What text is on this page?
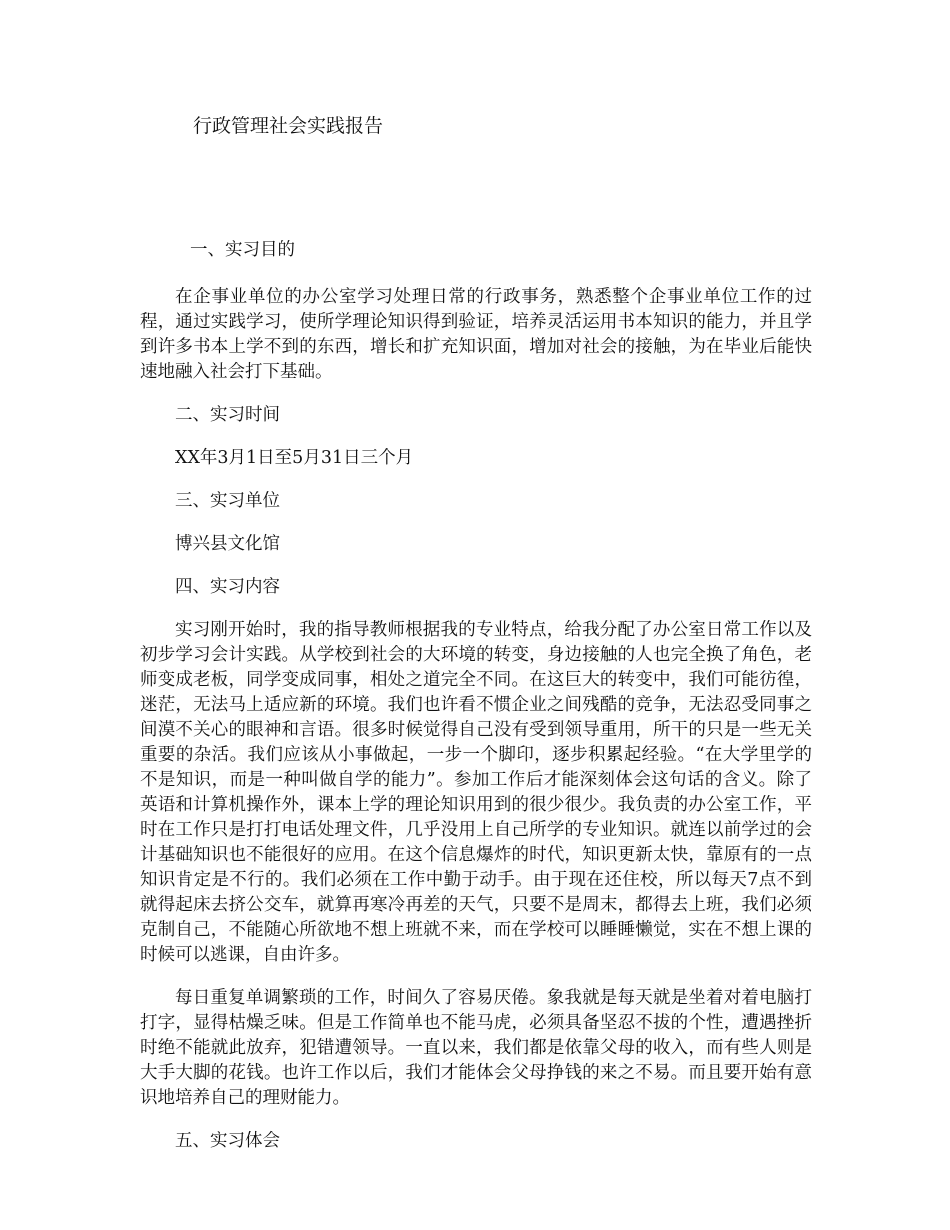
行政管理社会实践报告
一、实习目的

在企事业单位的办公室学习处理日常的行政事务，熟悉整个企事业单位工作的过程，通过实践学习，使所学理论知识得到验证，培养灵活运用书本知识的能力，并且学到许多书本上学不到的东西，增长和扩充知识面，增加对社会的接触，为在毕业后能快速地融入社会打下基础。

二、实习时间
XX年3月1日至5月31日三个月
三、实习单位
博兴县文化馆
四、实习内容

实习刚开始时，我的指导教师根据我的专业特点，给我分配了办公室日常工作以及初步学习会计实践。从学校到社会的大环境的转变，身边接触的人也完全换了角色，老师变成老板，同学变成同事，相处之道完全不同。在这巨大的转变中，我们可能彷徨，迷茫，无法马上适应新的环境。我们也许看不惯企业之间残酷的竞争，无法忍受同事之间漠不关心的眼神和言语。很多时候觉得自己没有受到领导重用，所干的只是一些无关重要的杂活。我们应该从小事做起，一步一个脚印，逐步积累起经验。“在大学里学的不是知识，而是一种叫做自学的能力”。参加工作后才能深刻体会这句话的含义。除了英语和计算机操作外，课本上学的理论知识用到的很少很少。我负责的办公室工作，平时在工作只是打打电话处理文件，几乎没用上自己所学的专业知识。就连以前学过的会计基础知识也不能很好的应用。在这个信息爆炸的时代，知识更新太快，靠原有的一点知识肯定是不行的。我们必须在工作中勤于动手。由于现在还住校，所以每天7点不到就得起床去挤公交车，就算再寒冷再差的天气，只要不是周末，都得去上班，我们必须克制自己，不能随心所欲地不想上班就不来，而在学校可以睡睡懒觉，实在不想上课的时候可以逃课，自由许多。

每日重复单调繁琐的工作，时间久了容易厌倦。象我就是每天就是坐着对着电脑打打字，显得枯燥乏味。但是工作简单也不能马虎，必须具备坚忍不拔的个性，遭遇挫折时绝不能就此放弃，犯错遭领导。一直以来，我们都是依靠父母的收入，而有些人则是大手大脚的花钱。也许工作以后，我们才能体会父母挣钱的来之不易。而且要开始有意识地培养自己的理财能力。

五、实习体会
